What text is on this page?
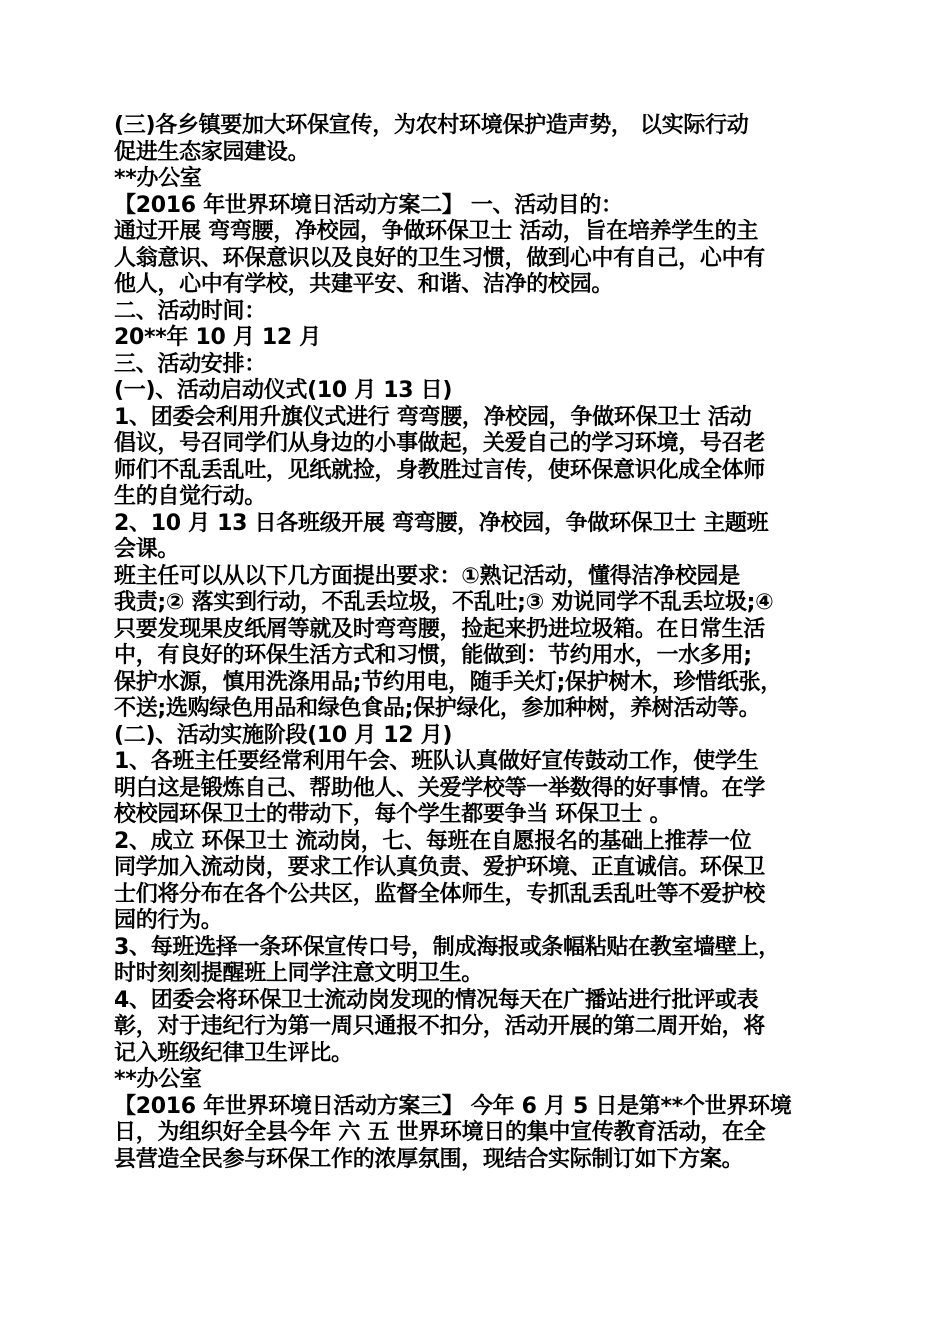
(三)各乡镇要加大环保宣传，为农村环境保护造声势， 以实际行动

促进生态家园建设。

**办公室

【2016 年世界环境日活动方案二】 一、活动目的：

通过开展 弯弯腰，净校园，争做环保卫士 活动，旨在培养学生的主

人翁意识、环保意识以及良好的卫生习惯，做到心中有自己，心中有

他人，心中有学校，共建平安、和谐、洁净的校园。

二、活动时间：

20**年 10 月 12 月

三、活动安排：

(一)、活动启动仪式(10 月 13 日)

1、团委会利用升旗仪式进行 弯弯腰，净校园，争做环保卫士 活动

倡议，号召同学们从身边的小事做起，关爱自己的学习环境，号召老

师们不乱丢乱吐，见纸就捡，身教胜过言传，使环保意识化成全体师

生的自觉行动。

2、10 月 13 日各班级开展 弯弯腰，净校园，争做环保卫士 主题班

会课。

班主任可以从以下几方面提出要求：①熟记活动，懂得洁净校园是

我责;② 落实到行动，不乱丢垃圾，不乱吐;③ 劝说同学不乱丢垃圾;④

只要发现果皮纸屑等就及时弯弯腰，捡起来扔进垃圾箱。在日常生活

中，有良好的环保生活方式和习惯，能做到：节约用水，一水多用;

保护水源，慎用洗涤用品;节约用电，随手关灯;保护树木，珍惜纸张，

不送;选购绿色用品和绿色食品;保护绿化，参加种树，养树活动等。

(二)、活动实施阶段(10 月 12 月)

1、各班主任要经常利用午会、班队认真做好宣传鼓动工作，使学生

明白这是锻炼自己、帮助他人、关爱学校等一举数得的好事情。在学

校校园环保卫士的带动下，每个学生都要争当 环保卫士 。

2、成立 环保卫士 流动岗，七、每班在自愿报名的基础上推荐一位

同学加入流动岗，要求工作认真负责、爱护环境、正直诚信。环保卫

士们将分布在各个公共区，监督全体师生，专抓乱丢乱吐等不爱护校

园的行为。

3、每班选择一条环保宣传口号，制成海报或条幅粘贴在教室墙壁上，

时时刻刻提醒班上同学注意文明卫生。

4、团委会将环保卫士流动岗发现的情况每天在广播站进行批评或表

彰，对于违纪行为第一周只通报不扣分，活动开展的第二周开始，将

记入班级纪律卫生评比。

**办公室

【2016 年世界环境日活动方案三】 今年 6 月 5 日是第**个世界环境

日，为组织好全县今年 六 五 世界环境日的集中宣传教育活动，在全

县营造全民参与环保工作的浓厚氛围，现结合实际制订如下方案。
